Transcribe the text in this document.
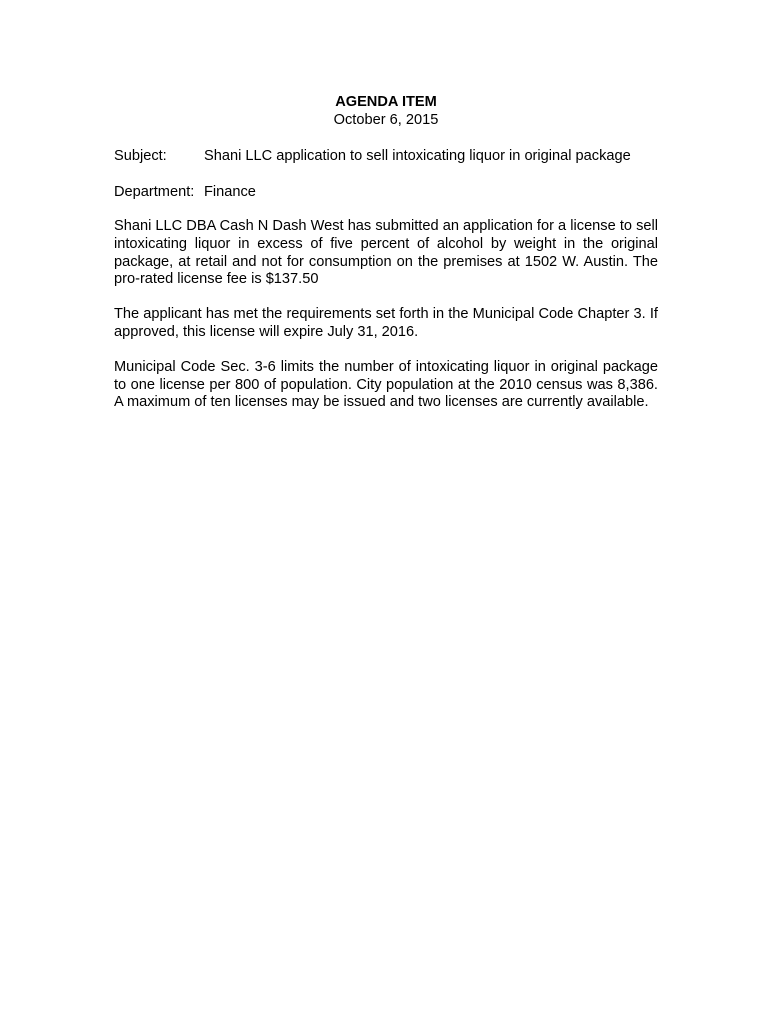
AGENDA ITEM
October 6, 2015
Subject:	Shani LLC application to sell intoxicating liquor in original package
Department: Finance

Shani LLC DBA Cash N Dash West has submitted an application for a license to sell intoxicating liquor in excess of five percent of alcohol by weight in the original package, at retail and not for consumption on the premises at 1502 W. Austin. The pro-rated license fee is $137.50

The applicant has met the requirements set forth in the Municipal Code Chapter 3. If approved, this license will expire July 31, 2016.

Municipal Code Sec. 3-6 limits the number of intoxicating liquor in original package to one license per 800 of population. City population at the 2010 census was 8,386. A maximum of ten licenses may be issued and two licenses are currently available.
